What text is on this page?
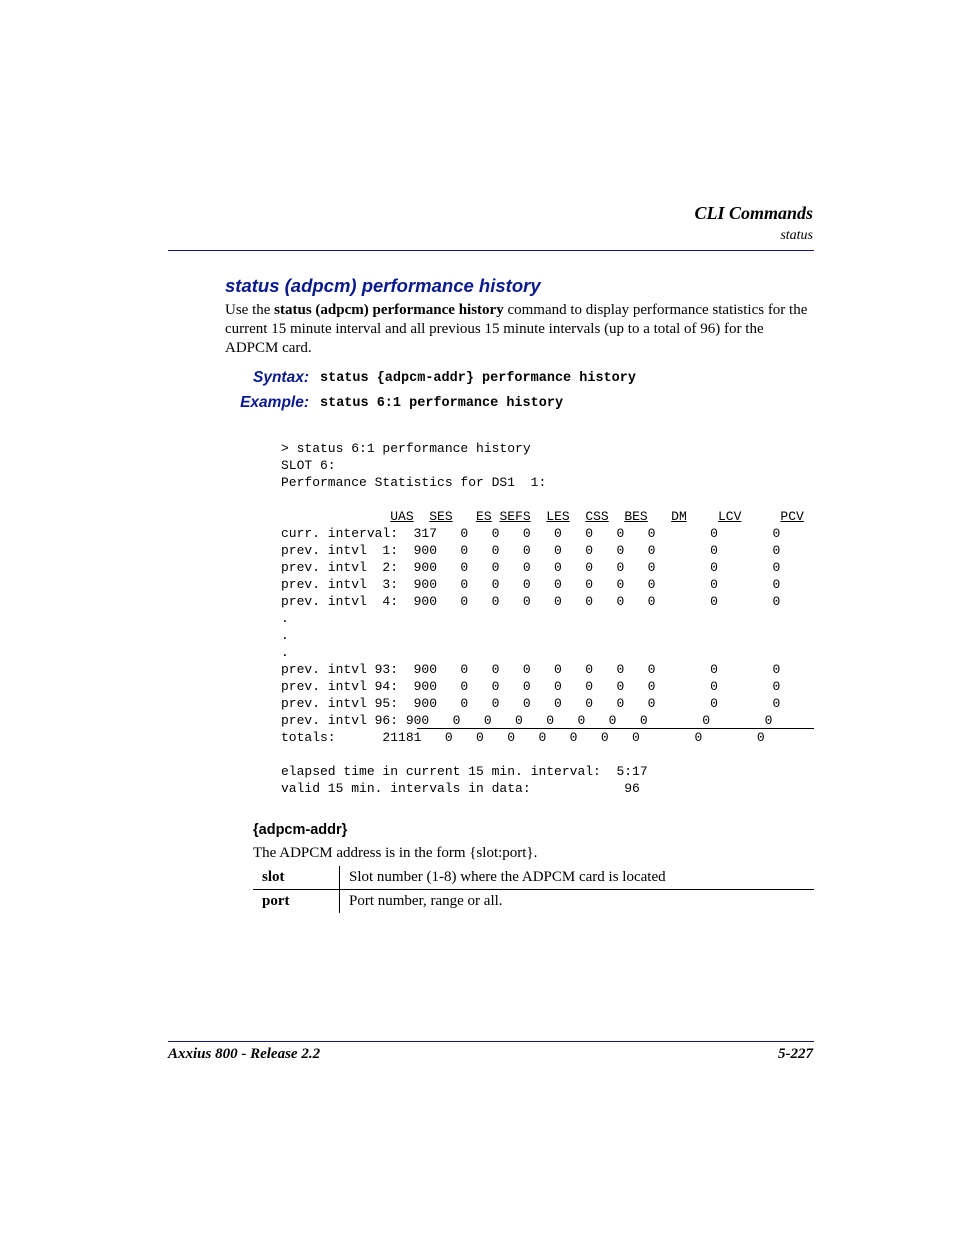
CLI Commands
status
status (adpcm) performance history
Use the status (adpcm) performance history command to display performance statistics for the current 15 minute interval and all previous 15 minute intervals (up to a total of 96) for the ADPCM card.
Syntax: status {adpcm-addr} performance history
Example: status 6:1 performance history
> status 6:1 performance history
SLOT 6:
Performance Statistics for DS1  1:

UAS SES ES SEFS LES CSS BES DM LCV	PCV
curr. interval:  317   0   0   0   0   0   0   0       0       0
prev. intvl  1:  900   0   0   0   0   0   0   0       0       0
prev. intvl  2:  900   0   0   0   0   0   0   0       0       0
prev. intvl  3:  900   0   0   0   0   0   0   0       0       0
prev. intvl  4:  900   0   0   0   0   0   0   0       0       0
.
.
.
prev. intvl 93:  900   0   0   0   0   0   0   0       0       0
prev. intvl 94:  900   0   0   0   0   0   0   0       0       0
prev. intvl 95:  900   0   0   0   0   0   0   0       0       0
prev. intvl 96: 900   0   0   0   0   0   0   0       0       0
totals:      21181   0   0   0   0   0   0   0       0       0

elapsed time in current 15 min. interval:  5:17
valid 15 min. intervals in data:            96
{adpcm-addr}
The ADPCM address is in the form {slot:port}.
slot	Slot number (1-8) where the ADPCM card is located
port	Port number, range or all.
Axxius 800 - Release 2.2	5-227
